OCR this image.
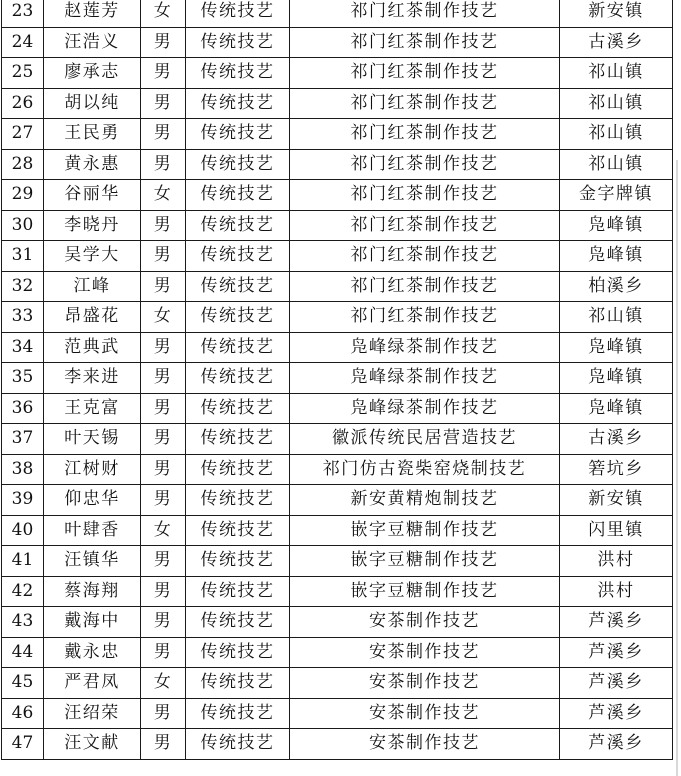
23	赵莲芳	女	传统技艺	祁门红茶制作技艺	新安镇
24	汪浩义	男	传统技艺	祁门红茶制作技艺	古溪乡
25	廖承志	男	传统技艺	祁门红茶制作技艺	祁山镇
26	胡以纯	男	传统技艺	祁门红茶制作技艺	祁山镇
27	王民勇	男	传统技艺	祁门红茶制作技艺	祁山镇
28	黄永惠	男	传统技艺	祁门红茶制作技艺	祁山镇
29	谷丽华	女	传统技艺	祁门红茶制作技艺	金字牌镇
30	李晓丹	男	传统技艺	祁门红茶制作技艺	凫峰镇
31	吴学大	男	传统技艺	祁门红茶制作技艺	凫峰镇
32	江峰	男	传统技艺	祁门红茶制作技艺	柏溪乡
33	昂盛花	女	传统技艺	祁门红茶制作技艺	祁山镇
34	范典武	男	传统技艺	凫峰绿茶制作技艺	凫峰镇
35	李来进	男	传统技艺	凫峰绿茶制作技艺	凫峰镇
36	王克富	男	传统技艺	凫峰绿茶制作技艺	凫峰镇
37	叶天锡	男	传统技艺	徽派传统民居营造技艺	古溪乡
38	江树财	男	传统技艺	祁门仿古瓷柴窑烧制技艺	箬坑乡
39	仰忠华	男	传统技艺	新安黄精炮制技艺	新安镇
40	叶肆香	女	传统技艺	嵌字豆糖制作技艺	闪里镇
41	汪镇华	男	传统技艺	嵌字豆糖制作技艺	洪村
42	蔡海翔	男	传统技艺	嵌字豆糖制作技艺	洪村
43	戴海中	男	传统技艺	安茶制作技艺	芦溪乡
44	戴永忠	男	传统技艺	安茶制作技艺	芦溪乡
45	严君凤	女	传统技艺	安茶制作技艺	芦溪乡
46	汪绍荣	男	传统技艺	安茶制作技艺	芦溪乡
47	汪文献	男	传统技艺	安茶制作技艺	芦溪乡
